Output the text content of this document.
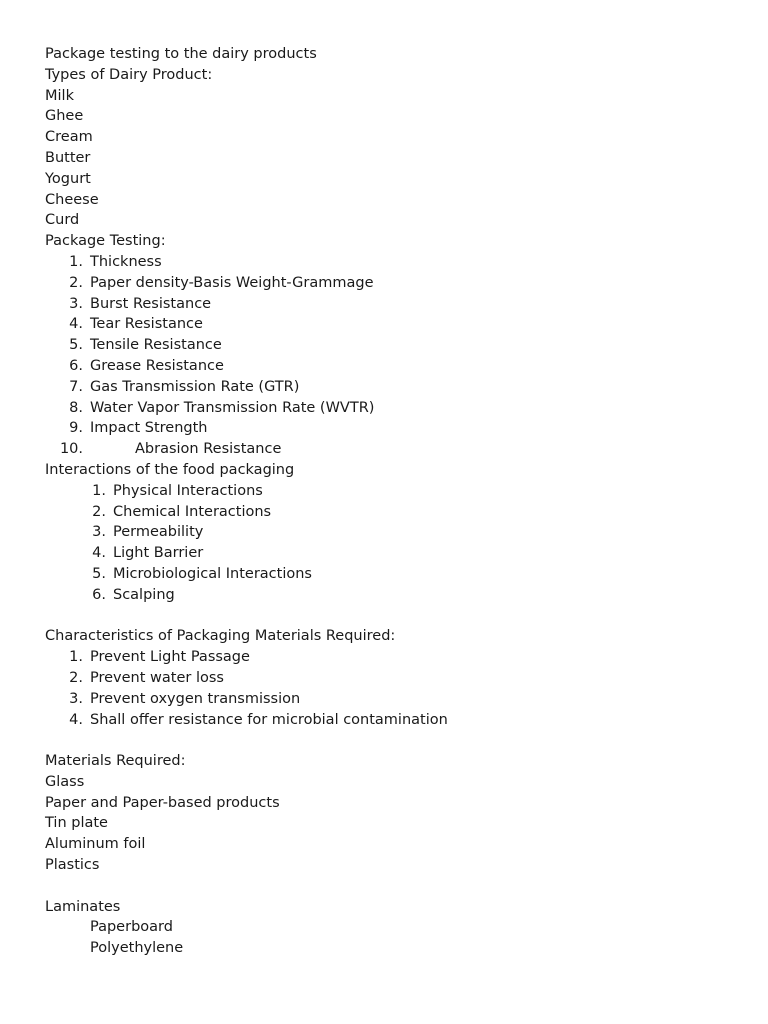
Package testing to the dairy products
Types of Dairy Product:
Milk
Ghee
Cream
Butter
Yogurt
Cheese
Curd
Package Testing:
1. Thickness
2. Paper density-Basis Weight-Grammage
3. Burst Resistance
4. Tear Resistance
5. Tensile Resistance
6. Grease Resistance
7. Gas Transmission Rate (GTR)
8. Water Vapor Transmission Rate (WVTR)
9. Impact Strength
10.	Abrasion Resistance
Interactions of the food packaging
1. Physical Interactions
2. Chemical Interactions
3. Permeability
4. Light Barrier
5. Microbiological Interactions
6. Scalping
Characteristics of Packaging Materials Required:
1. Prevent Light Passage
2. Prevent water loss
3. Prevent oxygen transmission
4. Shall offer resistance for microbial contamination
Materials Required:
Glass
Paper and Paper-based products
Tin plate
Aluminum foil
Plastics
Laminates
Paperboard
Polyethylene
